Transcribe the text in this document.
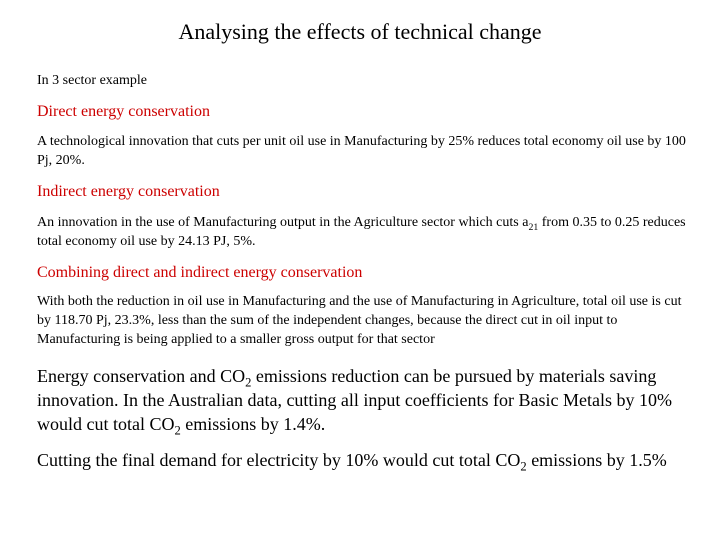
Analysing the effects of technical change
In 3 sector example
Direct energy conservation
A technological innovation that cuts per unit oil use in Manufacturing by 25% reduces total economy oil use by 100 Pj, 20%.
Indirect energy conservation
An innovation in the use of Manufacturing output in the Agriculture sector which cuts $a_{21}$ from 0.35 to 0.25 reduces total economy oil use by 24.13 PJ, 5%.
Combining direct and indirect energy conservation
With both the reduction in oil use in Manufacturing and the use of Manufacturing in Agriculture, total oil use is cut by 118.70 Pj, 23.3%, less than the sum of the independent changes, because the direct cut in oil input to Manufacturing is being applied to a smaller gross output for that sector
Energy conservation and $CO_2$ emissions reduction can be pursued by materials saving innovation. In the Australian data, cutting all input coefficients for Basic Metals by 10% would cut total $CO_2$ emissions by 1.4%.
Cutting the final demand for electricity by 10% would cut total $CO_2$ emissions by 1.5%
